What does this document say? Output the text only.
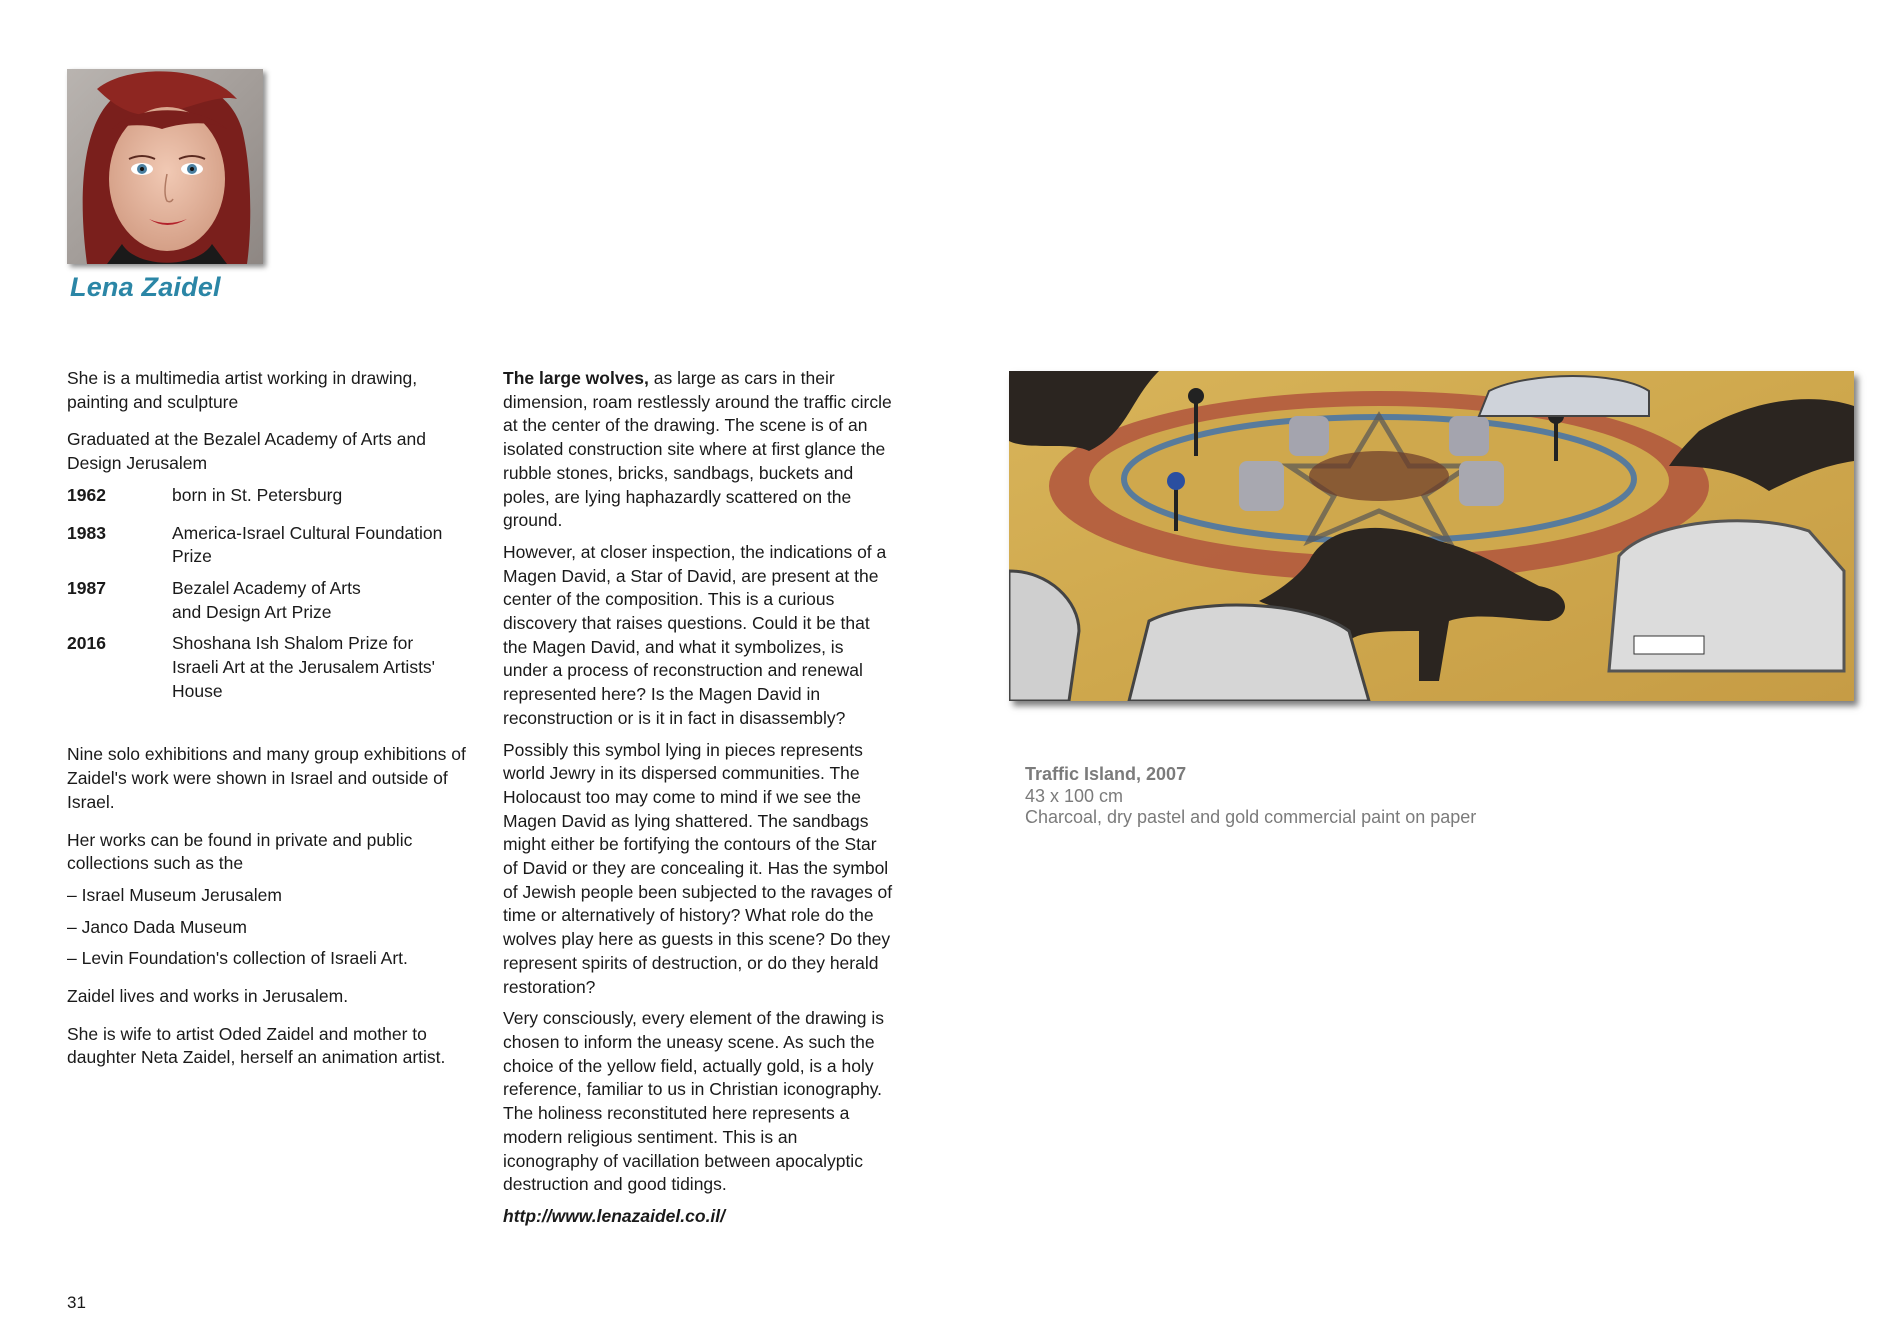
Lena Zaidel

She is a multimedia artist working in drawing, painting and sculpture

Graduated at the Bezalel Academy of Arts and Design Jerusalem

1962	born in St. Petersburg
1983	America-Israel Cultural Foundation Prize
1987	Bezalel Academy of Arts and Design Art Prize
2016	Shoshana Ish Shalom Prize for Israeli Art at the Jerusalem Artists' House

Nine solo exhibitions and many group exhibitions of Zaidel's work were shown in Israel and outside of Israel.

Her works can be found in private and public collections such as the

– Israel Museum Jerusalem

– Janco Dada Museum

– Levin Foundation's collection of Israeli Art.

Zaidel lives and works in Jerusalem.

She is wife to artist Oded Zaidel and mother to daughter Neta Zaidel, herself an animation artist.

The large wolves, as large as cars in their dimension, roam restlessly around the traffic circle at the center of the drawing. The scene is of an isolated construction site where at first glance the rubble stones, bricks, sandbags, buckets and poles, are lying haphazardly scattered on the ground.

However, at closer inspection, the indications of a Magen David, a Star of David, are present at the center of the composition. This is a curious discovery that raises questions. Could it be that the Magen David, and what it symbolizes, is under a process of reconstruction and renewal represented here? Is the Magen David in reconstruction or is it in fact in disassembly?

Possibly this symbol lying in pieces represents world Jewry in its dispersed communities. The Holocaust too may come to mind if we see the Magen David as lying shattered. The sandbags might either be fortifying the contours of the Star of David or they are concealing it. Has the symbol of Jewish people been subjected to the ravages of time or alternatively of history? What role do the wolves play here as guests in this scene? Do they represent spirits of destruction, or do they herald restoration?

Very consciously, every element of the drawing is chosen to inform the uneasy scene. As such the choice of the yellow field, actually gold, is a holy reference, familiar to us in Christian iconography. The holiness reconstituted here represents a modern religious sentiment. This is an iconography of vacillation between apocalyptic destruction and good tidings.

http://www.lenazaidel.co.il/

Traffic Island, 2007
43 x 100 cm
Charcoal, dry pastel and gold commercial paint on paper
31
